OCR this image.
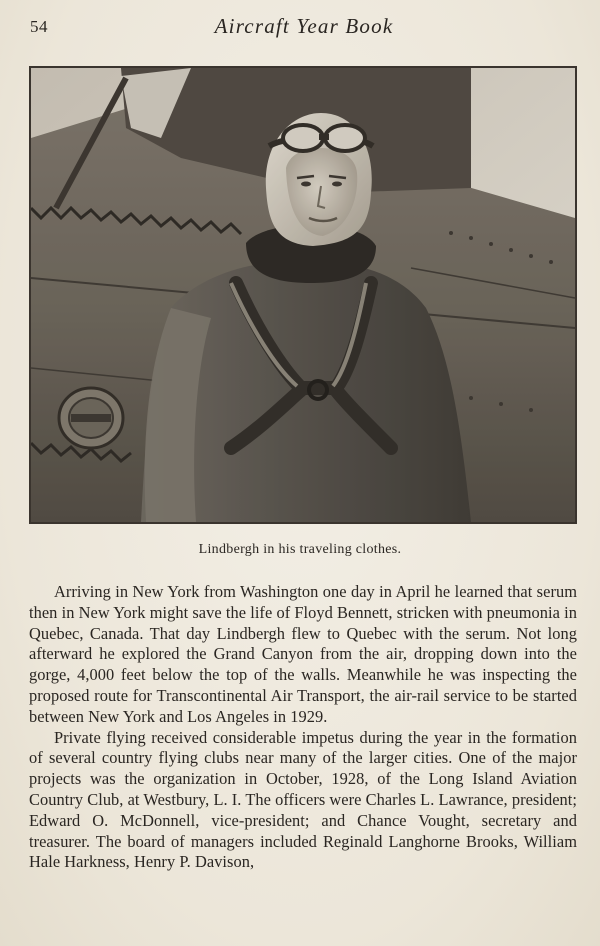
54	Aircraft Year Book
Lindbergh in his traveling clothes.

Arriving in New York from Washington one day in April he learned that serum then in New York might save the life of Floyd Bennett, stricken with pneumonia in Quebec, Canada. That day Lindbergh flew to Quebec with the serum. Not long afterward he explored the Grand Canyon from the air, dropping down into the gorge, 4,000 feet below the top of the walls. Meanwhile he was inspecting the proposed route for Transcontinental Air Transport, the air-rail service to be started between New York and Los Angeles in 1929.

Private flying received considerable impetus during the year in the formation of several country flying clubs near many of the larger cities. One of the major projects was the organization in October, 1928, of the Long Island Aviation Country Club, at Westbury, L. I. The officers were Charles L. Lawrance, president; Edward O. McDonnell, vice-president; and Chance Vought, secretary and treasurer. The board of managers included Reginald Langhorne Brooks, William Hale Harkness, Henry P. Davison,
